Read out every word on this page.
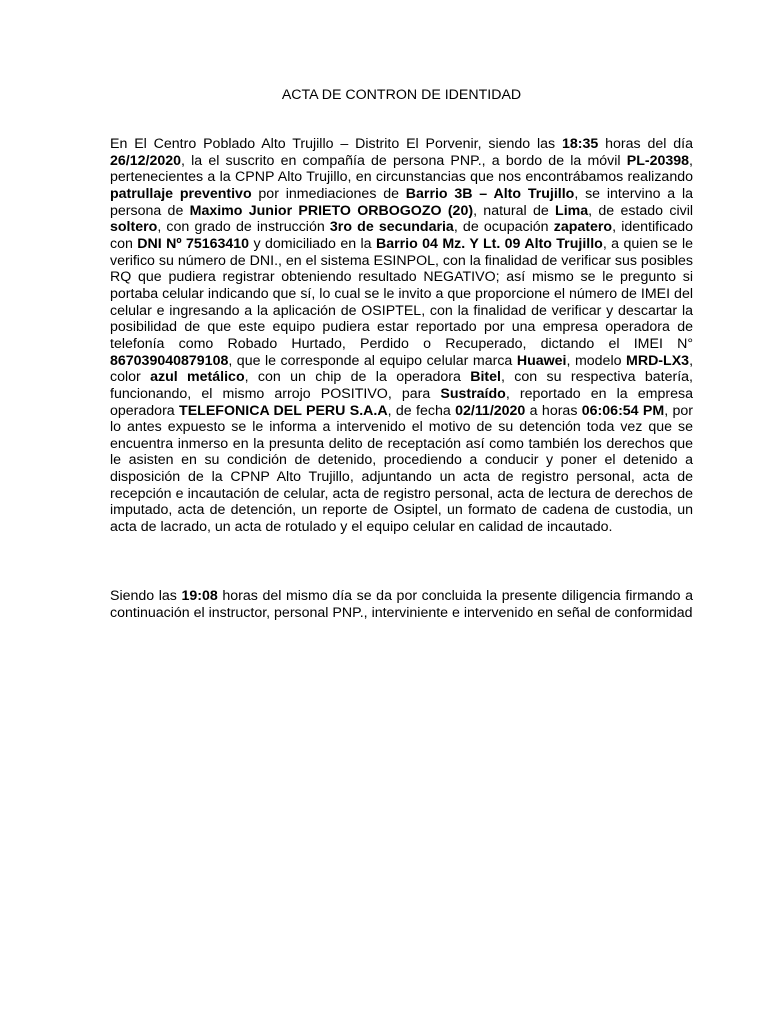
ACTA DE CONTRON DE IDENTIDAD

En El Centro Poblado Alto Trujillo – Distrito El Porvenir, siendo las 18:35 horas del día 26/12/2020, la el suscrito en compañía de persona PNP., a bordo de la móvil PL-20398, pertenecientes a la CPNP Alto Trujillo, en circunstancias que nos encontrábamos realizando patrullaje preventivo por inmediaciones de Barrio 3B – Alto Trujillo, se intervino a la persona de Maximo Junior PRIETO ORBOGOZO (20), natural de Lima, de estado civil soltero, con grado de instrucción 3ro de secundaria, de ocupación zapatero, identificado con DNI Nº 75163410 y domiciliado en la Barrio 04 Mz. Y Lt. 09 Alto Trujillo, a quien se le verifico su número de DNI., en el sistema ESINPOL, con la finalidad de verificar sus posibles RQ que pudiera registrar obteniendo resultado NEGATIVO; así mismo se le pregunto si portaba celular indicando que sí, lo cual se le invito a que proporcione el número de IMEI del celular e ingresando a la aplicación de OSIPTEL, con la finalidad de verificar y descartar la posibilidad de que este equipo pudiera estar reportado por una empresa operadora de telefonía como Robado Hurtado, Perdido o Recuperado, dictando el IMEI N° 867039040879108, que le corresponde al equipo celular marca Huawei, modelo MRD-LX3, color azul metálico, con un chip de la operadora Bitel, con su respectiva batería, funcionando, el mismo arrojo POSITIVO, para Sustraído, reportado en la empresa operadora TELEFONICA DEL PERU S.A.A, de fecha 02/11/2020 a horas 06:06:54 PM, por lo antes expuesto se le informa a intervenido el motivo de su detención toda vez que se encuentra inmerso en la presunta delito de receptación así como también los derechos que le asisten en su condición de detenido, procediendo a conducir y poner el detenido a disposición de la CPNP Alto Trujillo, adjuntando un acta de registro personal, acta de recepción e incautación de celular, acta de registro personal, acta de lectura de derechos de imputado, acta de detención, un reporte de Osiptel, un formato de cadena de custodia, un acta de lacrado, un acta de rotulado y el equipo celular en calidad de incautado.

Siendo las 19:08 horas del mismo día se da por concluida la presente diligencia firmando a continuación el instructor, personal PNP., interviniente e intervenido en señal de conformidad
